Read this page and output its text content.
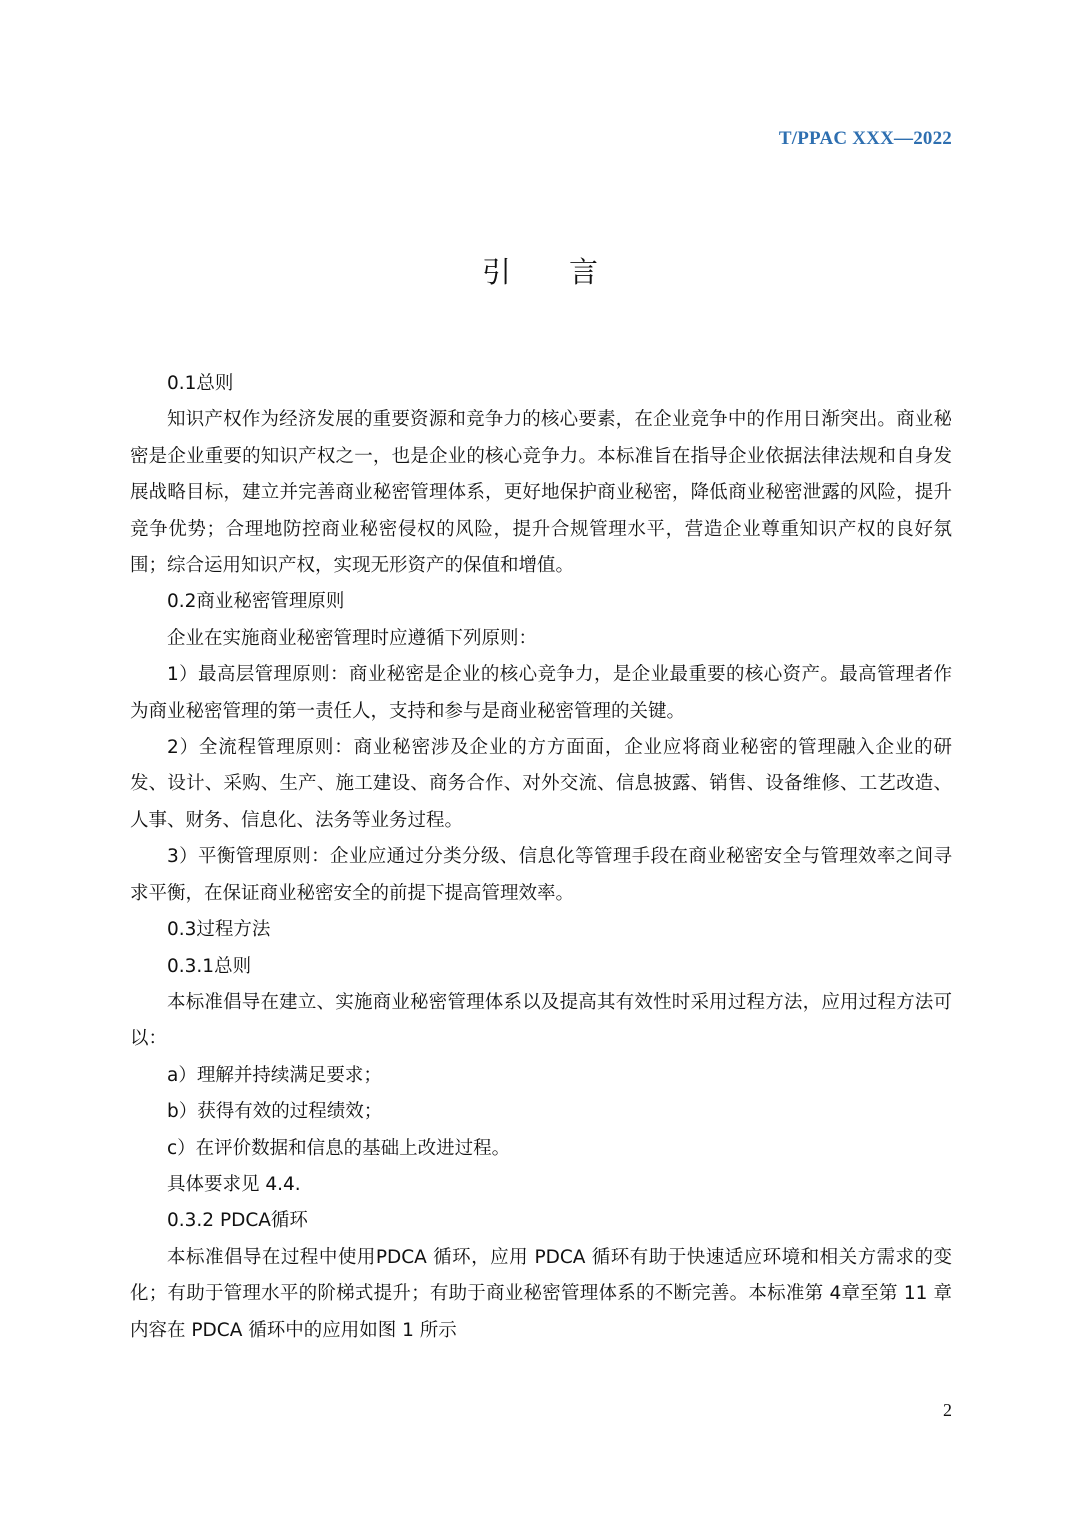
T/PPAC XXX—2022
引言

0.1总则

知识产权作为经济发展的重要资源和竞争力的核心要素，在企业竞争中的作用日渐突出。商业秘密是企业重要的知识产权之一，也是企业的核心竞争力。本标准旨在指导企业依据法律法规和自身发展战略目标，建立并完善商业秘密管理体系，更好地保护商业秘密，降低商业秘密泄露的风险，提升竞争优势；合理地防控商业秘密侵权的风险，提升合规管理水平，营造企业尊重知识产权的良好氛围；综合运用知识产权，实现无形资产的保值和增值。

0.2商业秘密管理原则

企业在实施商业秘密管理时应遵循下列原则：

1）最高层管理原则：商业秘密是企业的核心竞争力，是企业最重要的核心资产。最高管理者作为商业秘密管理的第一责任人，支持和参与是商业秘密管理的关键。

2）全流程管理原则：商业秘密涉及企业的方方面面，企业应将商业秘密的管理融入企业的研发、设计、采购、生产、施工建设、商务合作、对外交流、信息披露、销售、设备维修、工艺改造、人事、财务、信息化、法务等业务过程。

3）平衡管理原则：企业应通过分类分级、信息化等管理手段在商业秘密安全与管理效率之间寻求平衡，在保证商业秘密安全的前提下提高管理效率。

0.3过程方法

0.3.1总则

本标准倡导在建立、实施商业秘密管理体系以及提高其有效性时采用过程方法，应用过程方法可以：

a）理解并持续满足要求；

b）获得有效的过程绩效；

c）在评价数据和信息的基础上改进过程。

具体要求见 4.4.

0.3.2 PDCA循环

本标准倡导在过程中使用PDCA 循环，应用 PDCA 循环有助于快速适应环境和相关方需求的变化；有助于管理水平的阶梯式提升；有助于商业秘密管理体系的不断完善。本标准第 4章至第 11 章内容在 PDCA 循环中的应用如图 1 所示

2
